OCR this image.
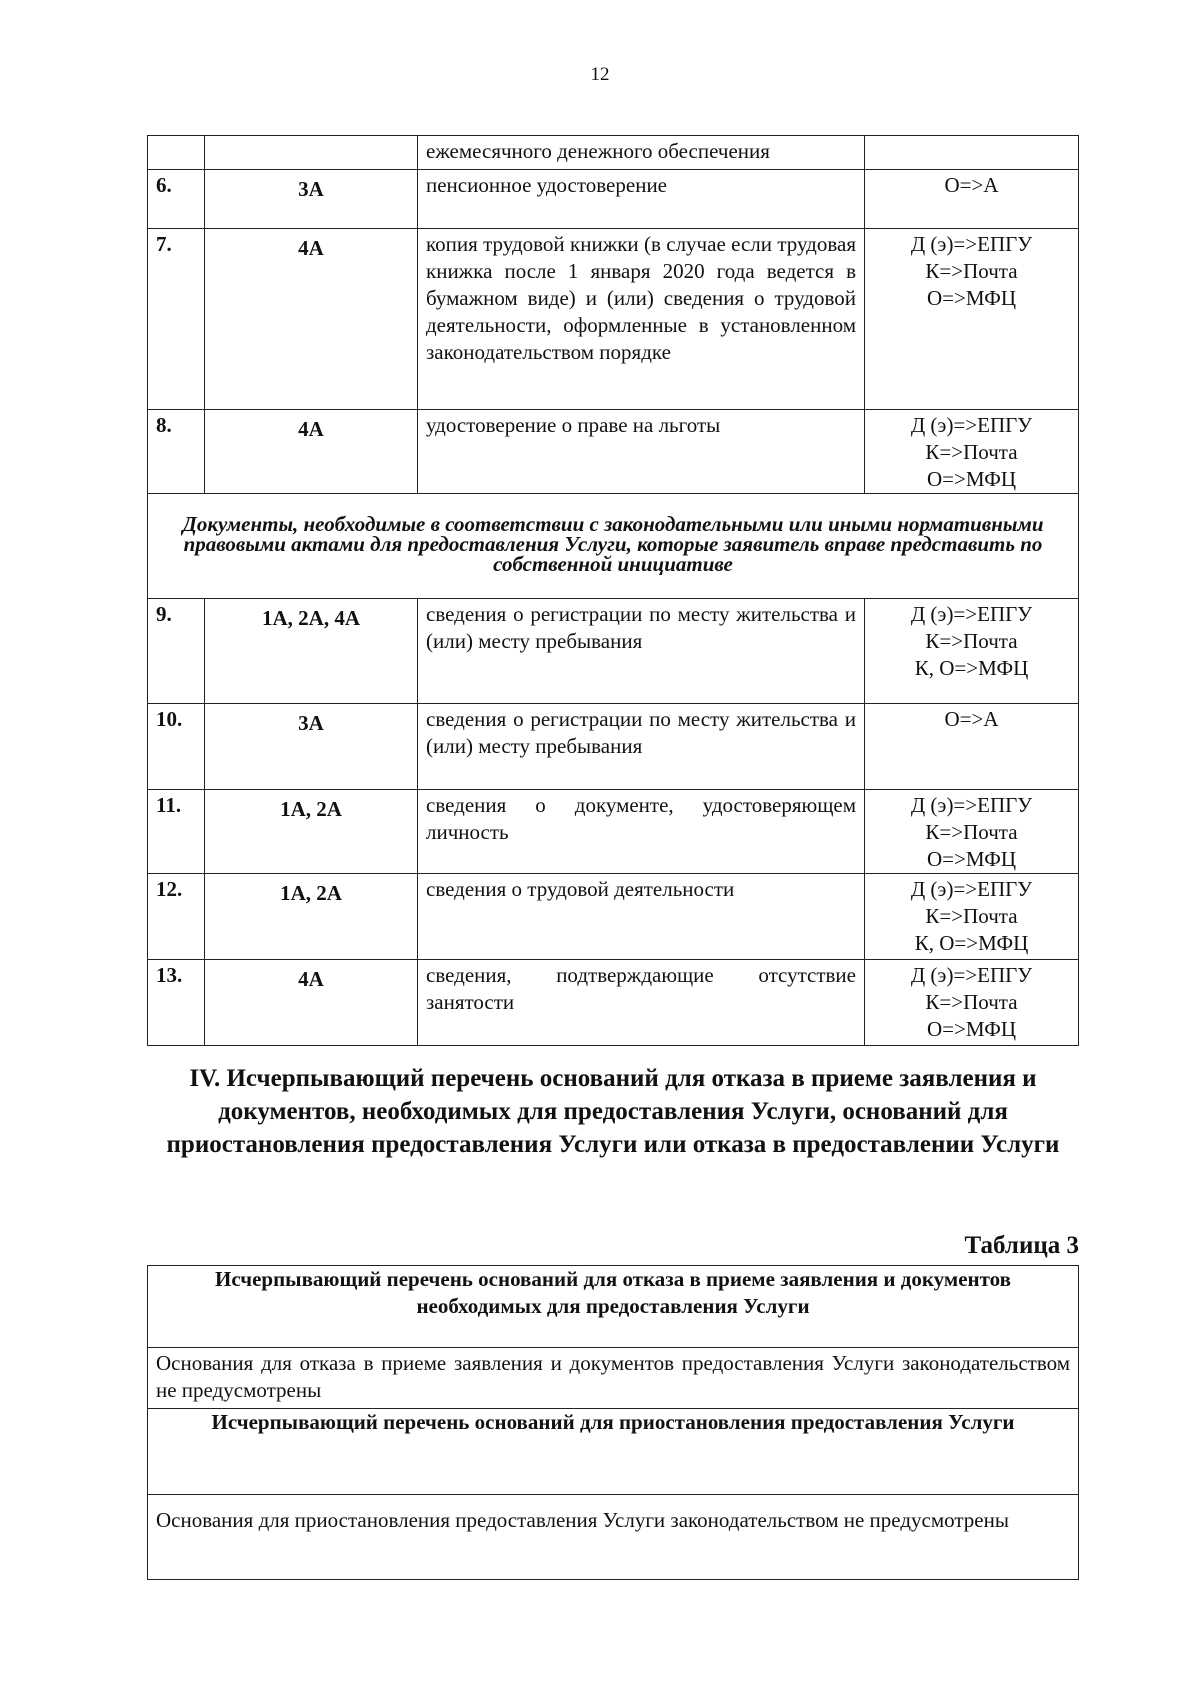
12
		ежемесячного денежного обеспечения	
6.	3А	пенсионное удостоверение	О=>А

7.	4А	копия трудовой книжки (в случае если трудовая книжка после 1 января 2020 года ведется в бумажном виде) и (или) сведения о трудовой деятельности, оформленные в установленном законодательством порядке	Д (э)=>ЕПГУ
К=>Почта
О=>МФЦ

8.	4А	удостоверение о праве на льготы	Д (э)=>ЕПГУ
К=>Почта
О=>МФЦ

Документы, необходимые в соответствии с законодательными или иными нормативными правовыми актами для предоставления Услуги, которые заявитель вправе представить по собственной инициативе			
9.	1А, 2А, 4А	сведения о регистрации по месту жительства и (или) месту пребывания	Д (э)=>ЕПГУ
К=>Почта
К, О=>МФЦ

10.	3А	сведения о регистрации по месту жительства и (или) месту пребывания	О=>А

11.	1А, 2А	сведения о документе, удостоверяющем личность	Д (э)=>ЕПГУ
К=>Почта
О=>МФЦ

12.	1А, 2А	сведения о трудовой деятельности	Д (э)=>ЕПГУ
К=>Почта
К, О=>МФЦ

13.	4А	сведения, подтверждающие отсутствие занятости	Д (э)=>ЕПГУ
К=>Почта
О=>МФЦ
IV. Исчерпывающий перечень оснований для отказа в приеме заявления и документов, необходимых для предоставления Услуги, оснований для приостановления предоставления Услуги или отказа в предоставлении Услуги
Таблица 3
Исчерпывающий перечень оснований для отказа в приеме заявления и документов необходимых для предоставления Услуги
Основания для отказа в приеме заявления и документов предоставления Услуги законодательством не предусмотрены
Исчерпывающий перечень оснований для приостановления предоставления Услуги
Основания для приостановления предоставления Услуги законодательством не предусмотрены
